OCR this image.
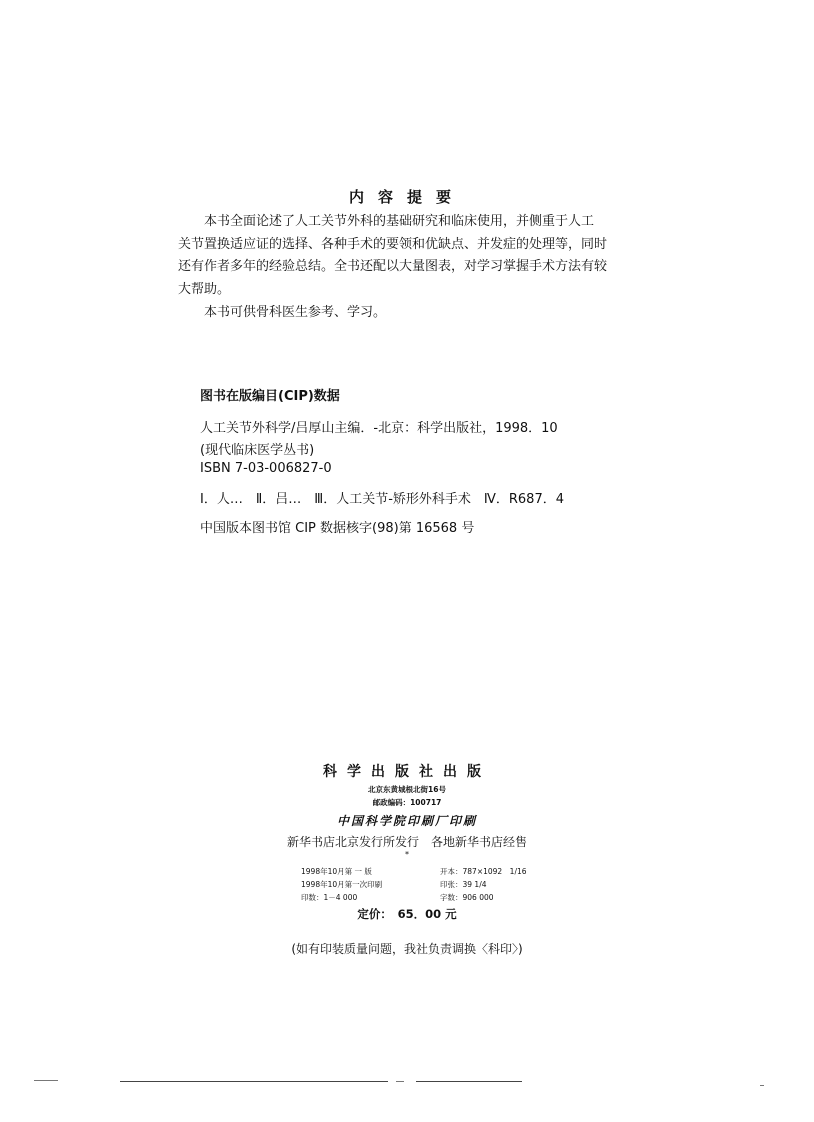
内容提要

本书全面论述了人工关节外科的基础研究和临床使用，并侧重于人工

关节置换适应证的选择、各种手术的要领和优缺点、并发症的处理等，同时

还有作者多年的经验总结。全书还配以大量图表，对学习掌握手术方法有较

大帮助。

本书可供骨科医生参考、学习。

图书在版编目(CIP)数据
人工关节外科学/吕厚山主编．-北京：科学出版社，1998．10
(现代临床医学丛书)
ISBN 7-03-006827-0
Ⅰ．人…　Ⅱ．吕…　Ⅲ．人工关节-矫形外科手术　Ⅳ．R687．4
中国版本图书馆 CIP 数据核字(98)第 16568 号
科学出版社出版
北京东黄城根北街16号
邮政编码：100717
中国科学院印刷厂印刷
新华书店北京发行所发行　各地新华书店经售
*
1998年10月第 一 版	开本：787×1092　1/16
1998年10月第一次印刷	印张：39 1/4
印数：1－4 000	字数：906 000
定价：　65．00 元
(如有印装质量问题，我社负责调换〈科印〉)
